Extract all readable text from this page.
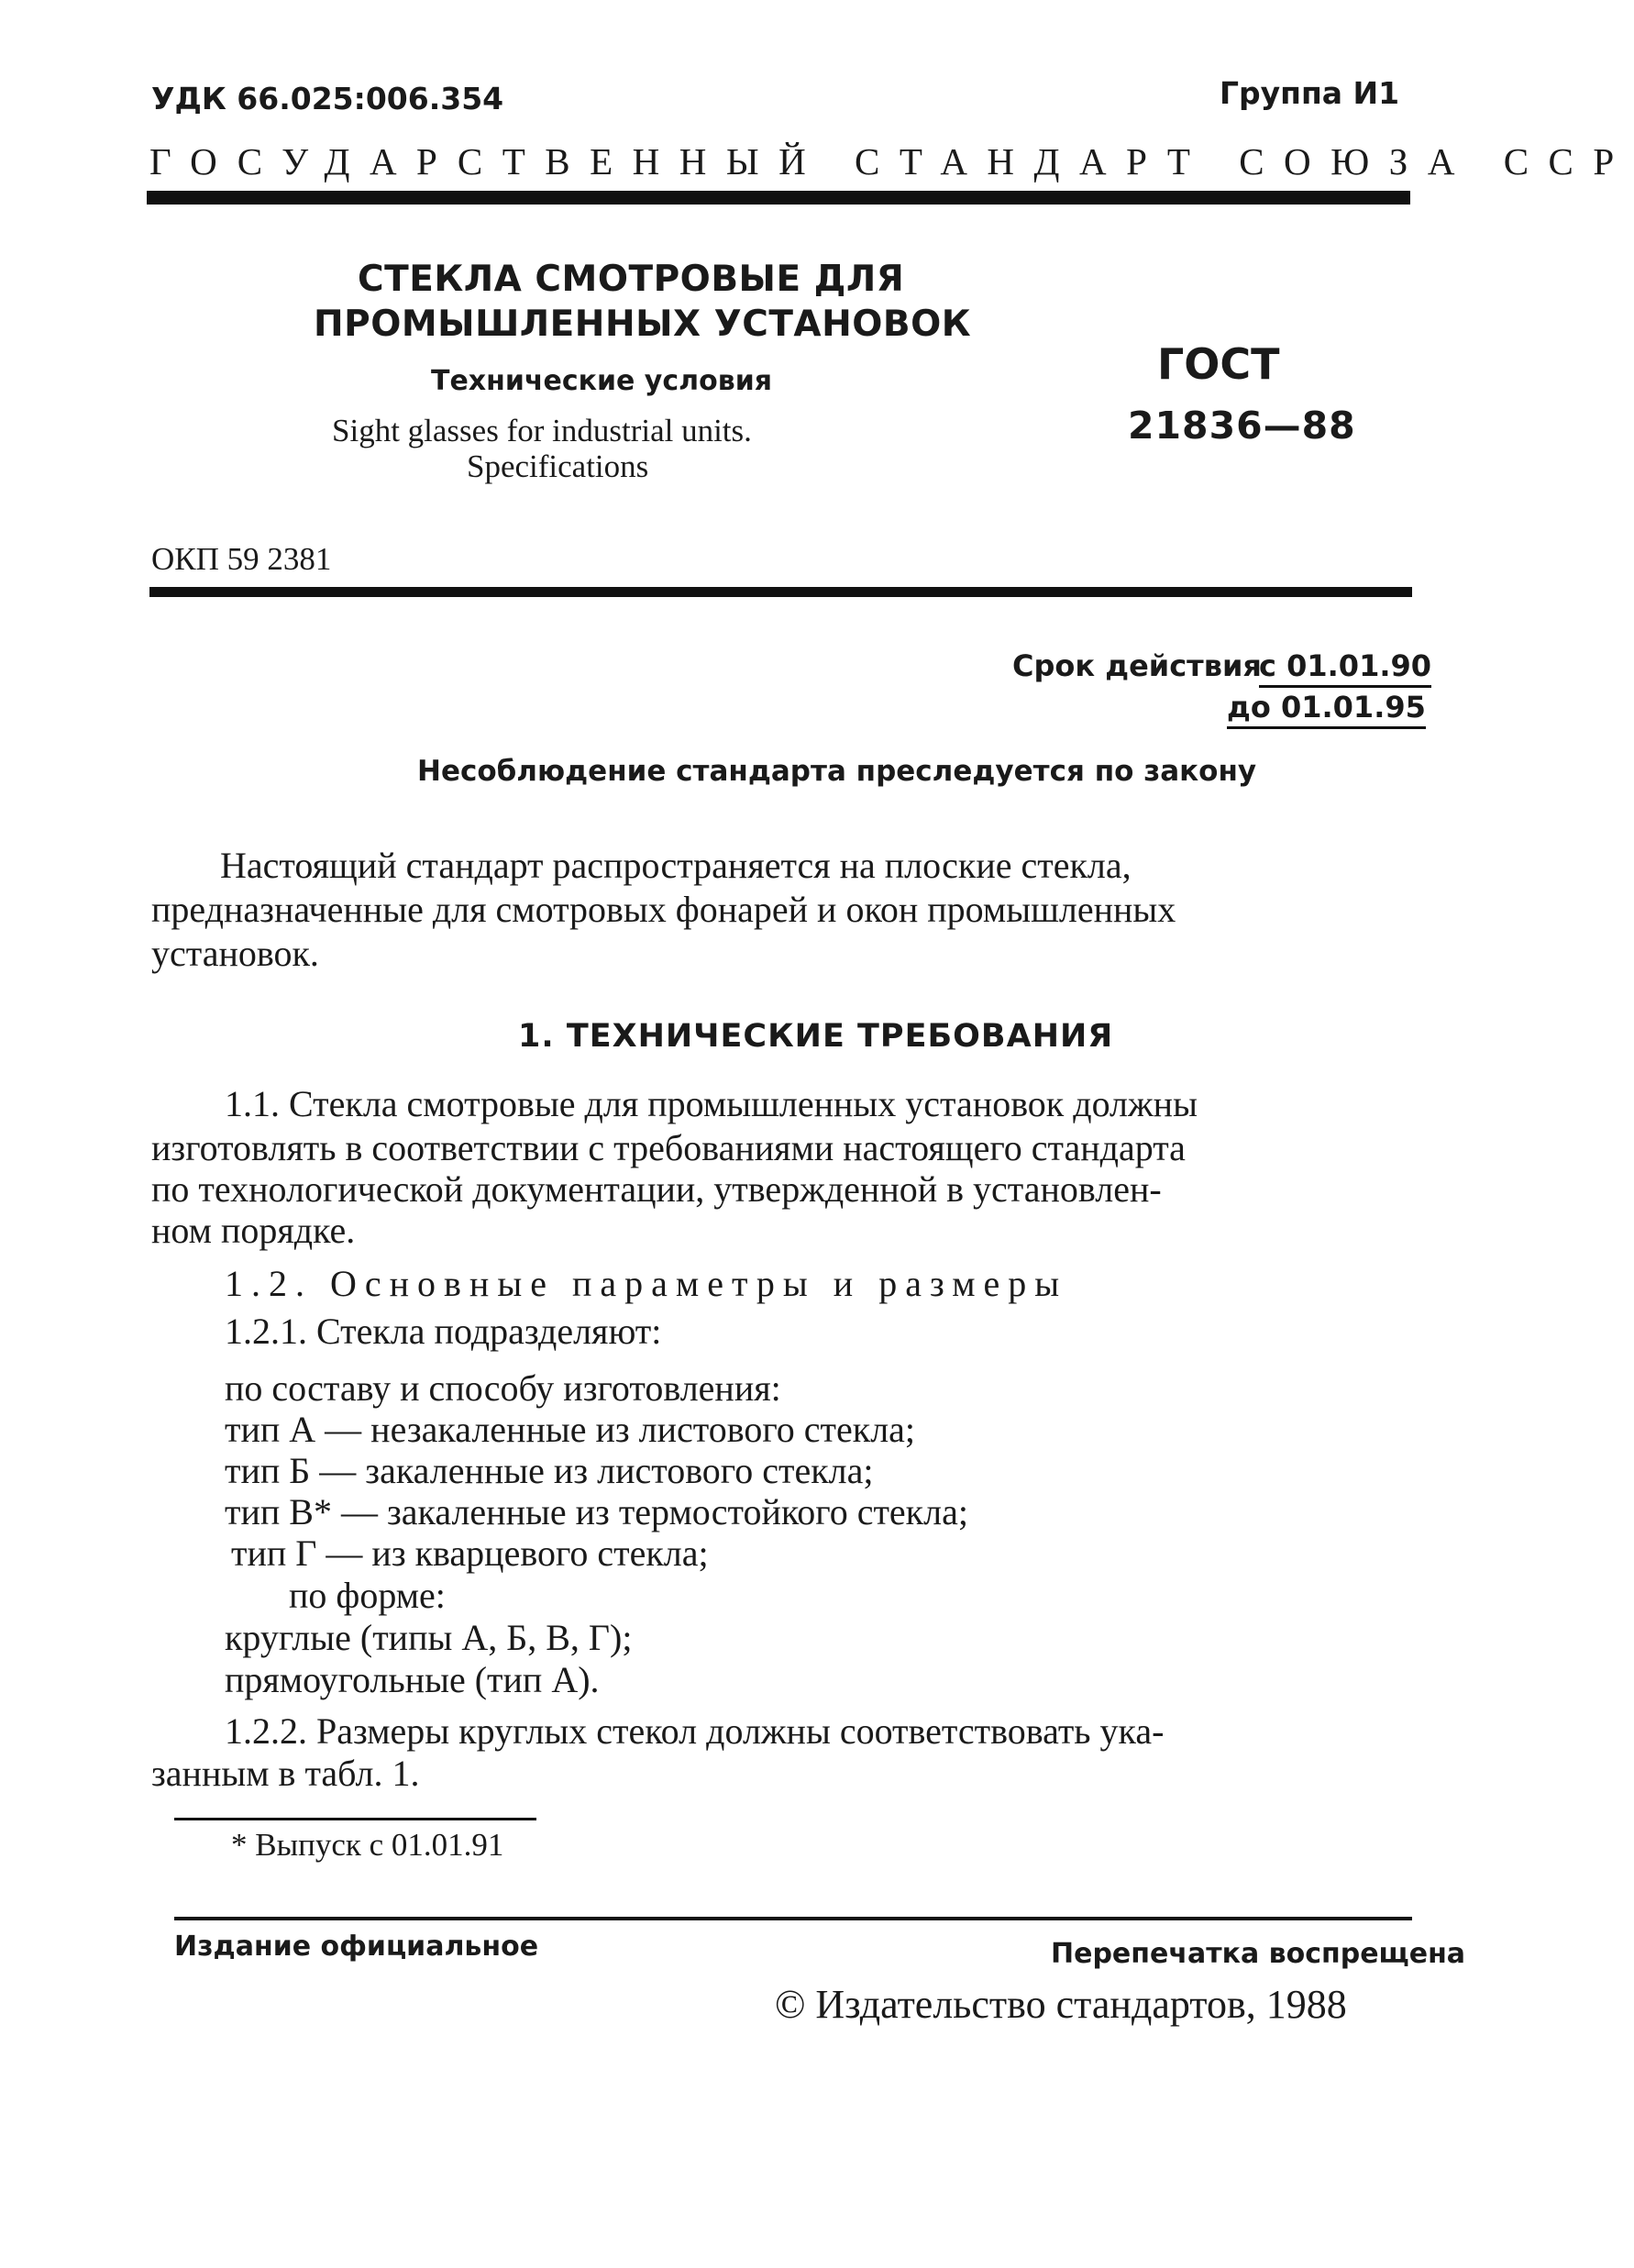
УДК 66.025:006.354	Группа И1
ГОСУДАРСТВЕННЫЙ СТАНДАРТ СОЮЗА ССР
СТЕКЛА СМОТРОВЫЕ ДЛЯ
ПРОМЫШЛЕННЫХ УСТАНОВОК
Технические условия
Sight glasses for industrial units.
Specifications
ГОСТ
21836—88
ОКП 59 2381
Срок действия
с 01.01.90
до 01.01.95
Несоблюдение стандарта преследуется по закону
Настоящий стандарт распространяется на плоские стекла,
предназначенные для смотровых фонарей и окон промышленных
установок.
1. ТЕХНИЧЕСКИЕ ТРЕБОВАНИЯ
1.1. Стекла смотровые для промышленных установок должны
изготовлять в соответствии с требованиями настоящего стандарта
по технологической документации, утвержденной в установлен-
ном порядке.
1.2. Основные параметры и размеры
1.2.1. Стекла подразделяют:
по составу и способу изготовления:
тип А — незакаленные из листового стекла;
тип Б — закаленные из листового стекла;
тип В* — закаленные из термостойкого стекла;
тип Г — из кварцевого стекла;
по форме:
круглые (типы А, Б, В, Г);
прямоугольные (тип А).
1.2.2. Размеры круглых стекол должны соответствовать ука-
занным в табл. 1.
* Выпуск с 01.01.91
Издание официальное	Перепечатка воспрещена
© Издательство стандартов, 1988
